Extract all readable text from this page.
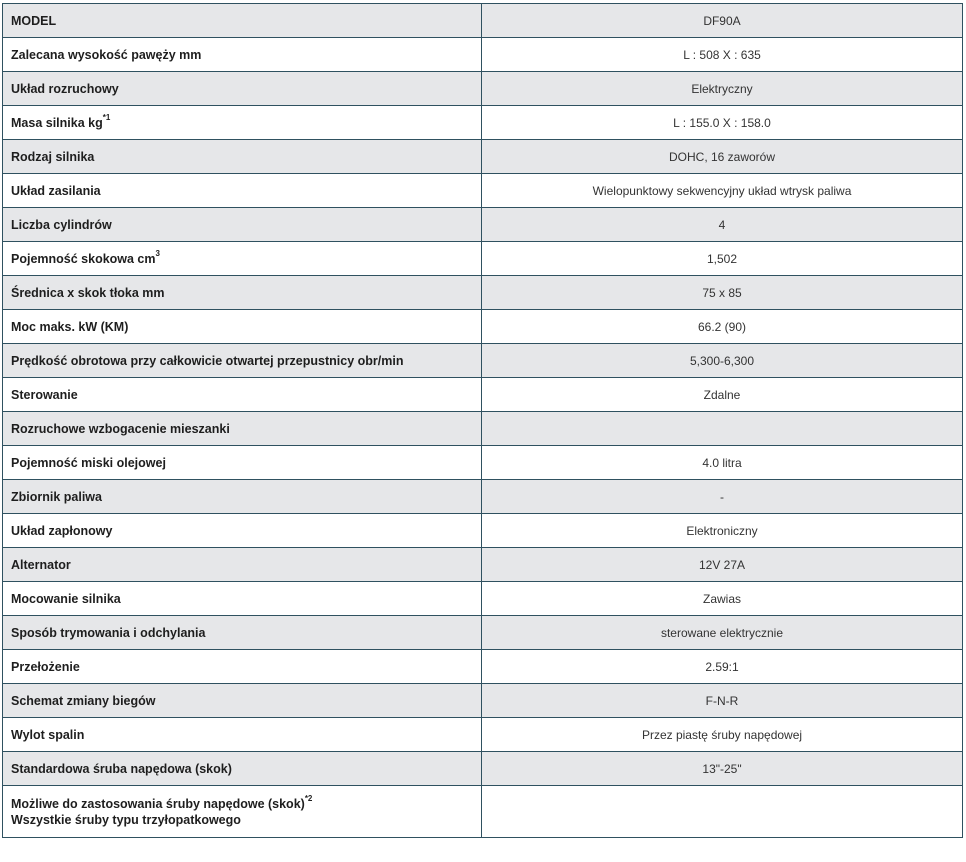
MODEL	DF90A

Zalecana wysokość pawęży mm	L : 508 X : 635

Układ rozruchowy	Elektryczny

Masa silnika $kg^{*1}$	L : 155.0 X : 158.0

Rodzaj silnika	DOHC, 16 zaworów

Układ zasilania	Wielopunktowy sekwencyjny układ wtrysk paliwa

Liczba cylindrów	4

Pojemność skokowa $cm^3$	1,502

Średnica x skok tłoka mm	75 x 85

Moc maks. kW (KM)	66.2 (90)

Prędkość obrotowa przy całkowicie otwartej przepustnicy obr/min	5,300-6,300

Sterowanie	Zdalne

Rozruchowe wzbogacenie mieszanki	

Pojemność miski olejowej	4.0 litra

Zbiornik paliwa	-

Układ zapłonowy	Elektroniczny

Alternator	12V 27A

Mocowanie silnika	Zawias

Sposób trymowania i odchylania	sterowane elektrycznie

Przełożenie	2.59:1

Schemat zmiany biegów	F-N-R

Wylot spalin	Przez piastę śruby napędowej

Standardowa śruba napędowa (skok)	13"-25"

Możliwe do zastosowania śruby napędowe (skok)$^{*2}$
Wszystkie śruby typu trzyłopatkowego	
